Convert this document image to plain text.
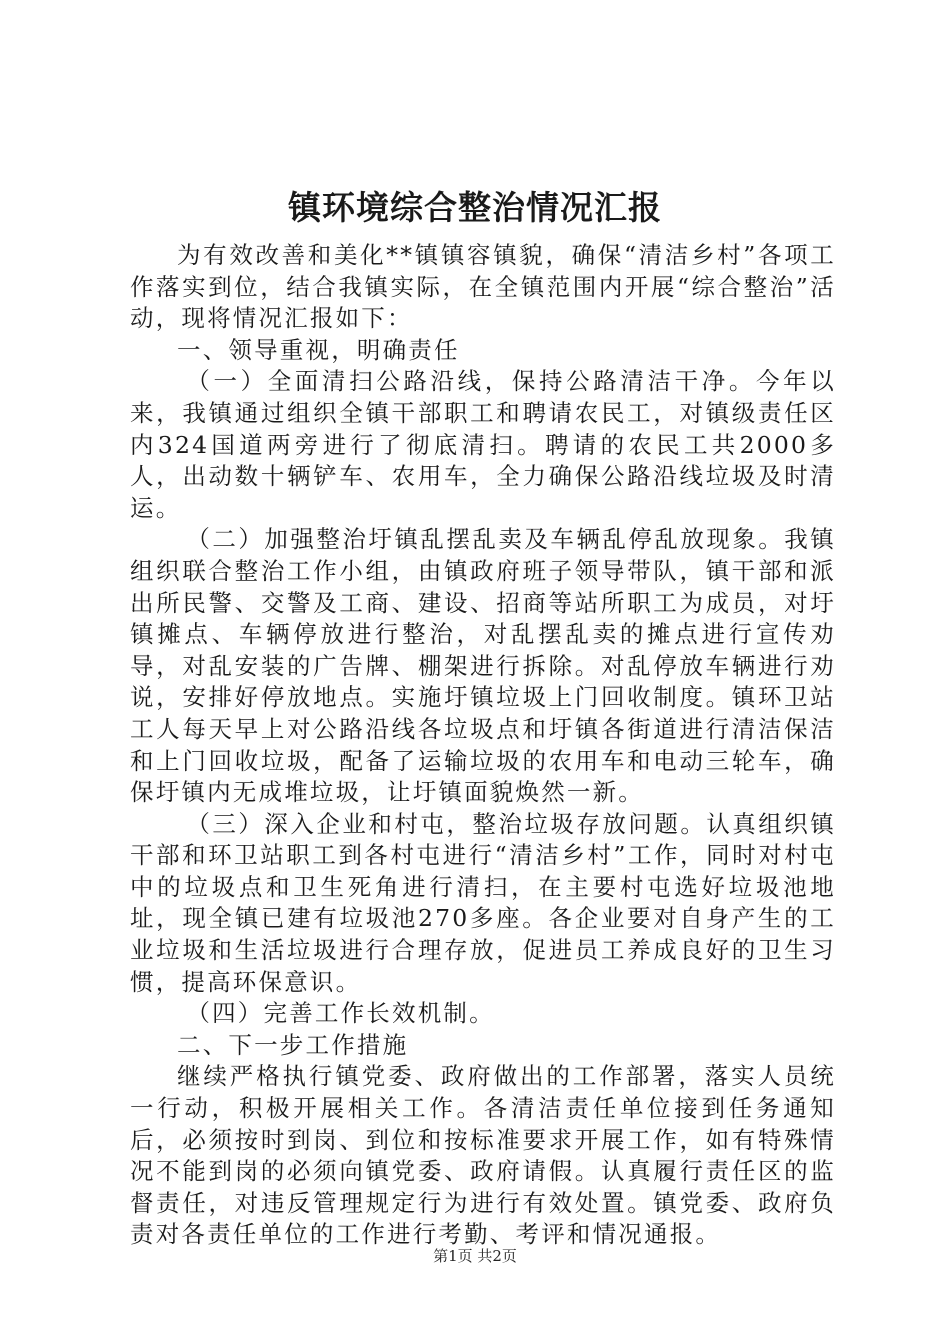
镇环境综合整治情况汇报

为有效改善和美化**镇镇容镇貌，确保“清洁乡村”各项工作落实到位，结合我镇实际，在全镇范围内开展“综合整治”活动，现将情况汇报如下：

一、领导重视，明确责任

（一）全面清扫公路沿线，保持公路清洁干净。今年以来，我镇通过组织全镇干部职工和聘请农民工，对镇级责任区内324国道两旁进行了彻底清扫。聘请的农民工共2000多人，出动数十辆铲车、农用车，全力确保公路沿线垃圾及时清运。

（二）加强整治圩镇乱摆乱卖及车辆乱停乱放现象。我镇组织联合整治工作小组，由镇政府班子领导带队，镇干部和派出所民警、交警及工商、建设、招商等站所职工为成员，对圩镇摊点、车辆停放进行整治，对乱摆乱卖的摊点进行宣传劝导，对乱安装的广告牌、棚架进行拆除。对乱停放车辆进行劝说，安排好停放地点。实施圩镇垃圾上门回收制度。镇环卫站工人每天早上对公路沿线各垃圾点和圩镇各街道进行清洁保洁和上门回收垃圾，配备了运输垃圾的农用车和电动三轮车，确保圩镇内无成堆垃圾，让圩镇面貌焕然一新。

（三）深入企业和村屯，整治垃圾存放问题。认真组织镇干部和环卫站职工到各村屯进行“清洁乡村”工作，同时对村屯中的垃圾点和卫生死角进行清扫，在主要村屯选好垃圾池地址，现全镇已建有垃圾池270多座。各企业要对自身产生的工业垃圾和生活垃圾进行合理存放，促进员工养成良好的卫生习惯，提高环保意识。

（四）完善工作长效机制。

二、下一步工作措施

继续严格执行镇党委、政府做出的工作部署，落实人员统一行动，积极开展相关工作。各清洁责任单位接到任务通知后，必须按时到岗、到位和按标准要求开展工作，如有特殊情况不能到岗的必须向镇党委、政府请假。认真履行责任区的监督责任，对违反管理规定行为进行有效处置。镇党委、政府负责对各责任单位的工作进行考勤、考评和情况通报。

第1页 共2页
